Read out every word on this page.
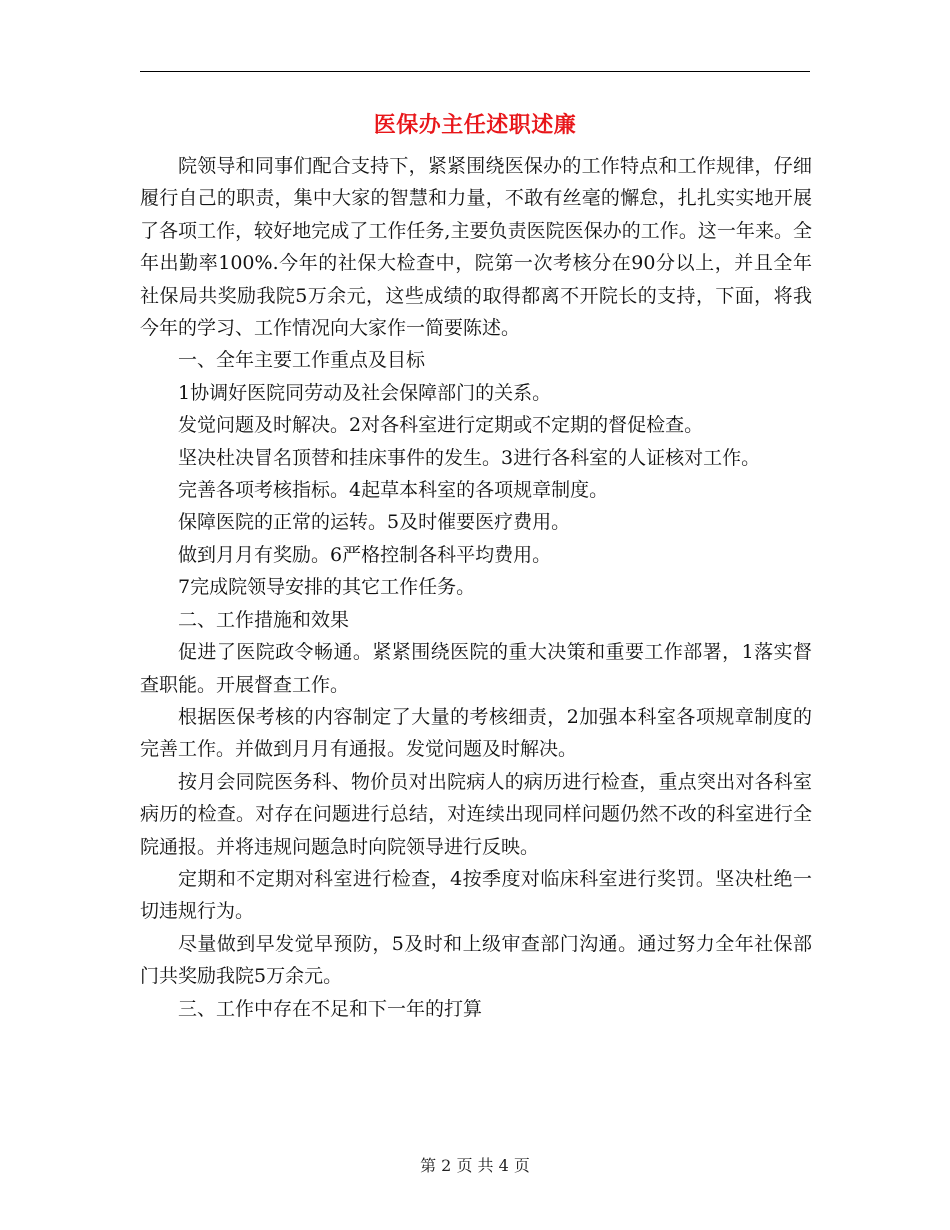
医保办主任述职述廉

院领导和同事们配合支持下，紧紧围绕医保办的工作特点和工作规律，仔细履行自己的职责，集中大家的智慧和力量，不敢有丝毫的懈怠，扎扎实实地开展了各项工作，较好地完成了工作任务,主要负责医院医保办的工作。这一年来。全年出勤率100%.今年的社保大检查中，院第一次考核分在90分以上，并且全年社保局共奖励我院5万余元，这些成绩的取得都离不开院长的支持，下面，将我今年的学习、工作情况向大家作一简要陈述。

一、全年主要工作重点及目标

1协调好医院同劳动及社会保障部门的关系。

发觉问题及时解决。2对各科室进行定期或不定期的督促检查。

坚决杜决冒名顶替和挂床事件的发生。3进行各科室的人证核对工作。

完善各项考核指标。4起草本科室的各项规章制度。

保障医院的正常的运转。5及时催要医疗费用。

做到月月有奖励。6严格控制各科平均费用。

7完成院领导安排的其它工作任务。

二、工作措施和效果

促进了医院政令畅通。紧紧围绕医院的重大决策和重要工作部署，1落实督查职能。开展督查工作。

根据医保考核的内容制定了大量的考核细责，2加强本科室各项规章制度的完善工作。并做到月月有通报。发觉问题及时解决。

按月会同院医务科、物价员对出院病人的病历进行检查，重点突出对各科室病历的检查。对存在问题进行总结，对连续出现同样问题仍然不改的科室进行全院通报。并将违规问题急时向院领导进行反映。

定期和不定期对科室进行检查，4按季度对临床科室进行奖罚。坚决杜绝一切违规行为。

尽量做到早发觉早预防，5及时和上级审查部门沟通。通过努力全年社保部门共奖励我院5万余元。

三、工作中存在不足和下一年的打算

第 2 页 共 4 页
